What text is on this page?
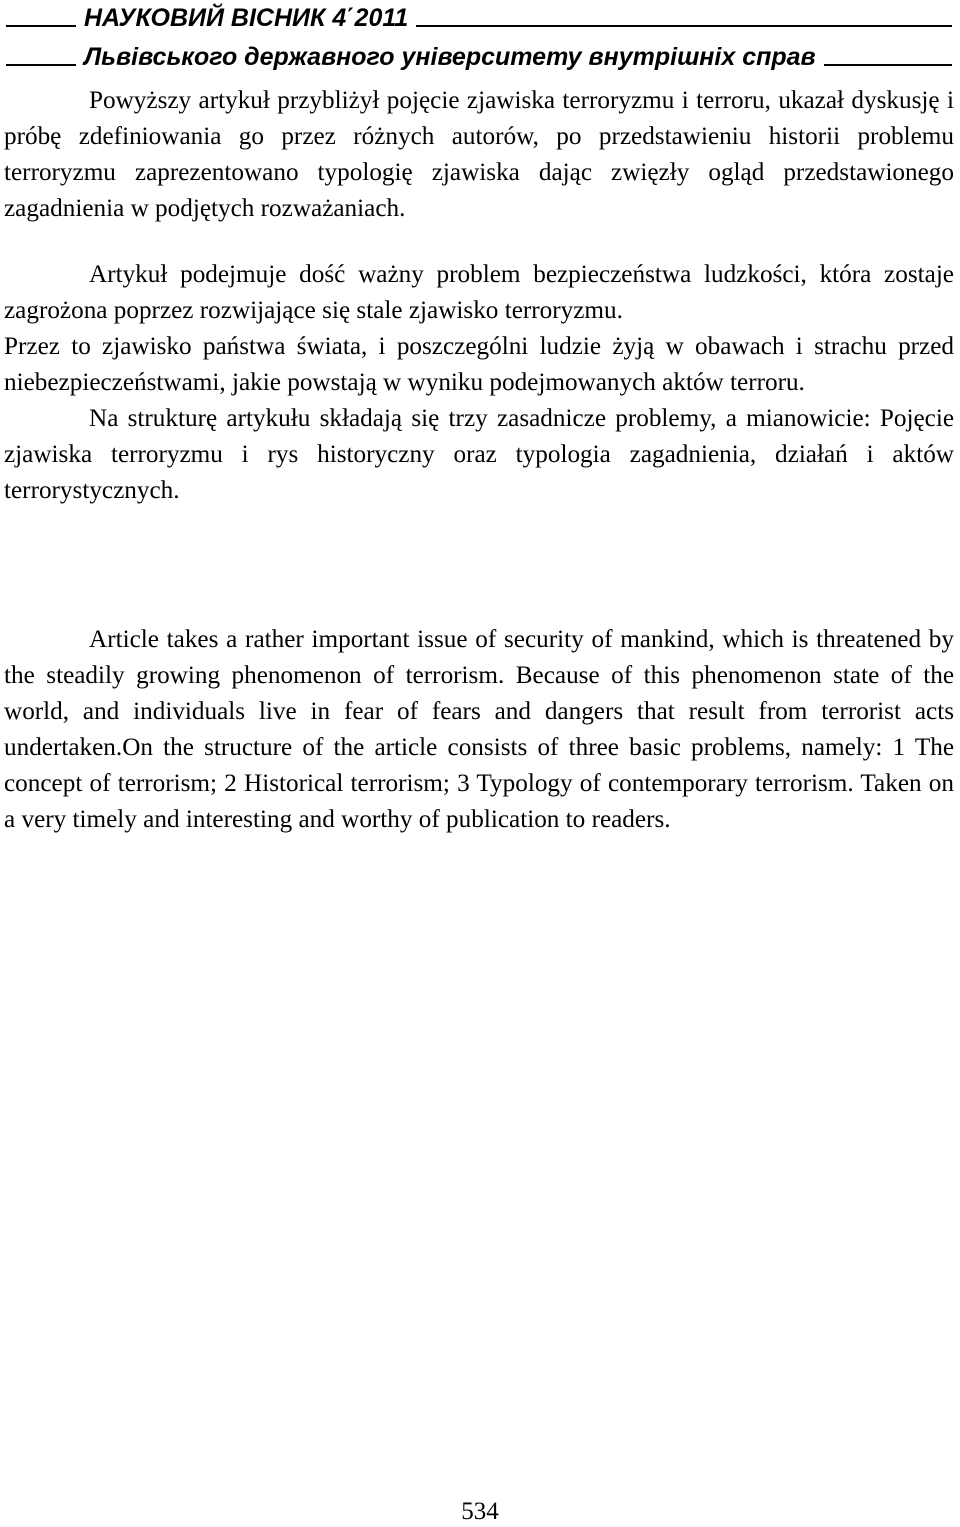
НАУКОВИЙ ВІСНИК 4΄2011
Львівського державного університету внутрішніх справ

Powyższy artykuł przybliżył pojęcie zjawiska terroryzmu i terroru, ukazał dyskusję i próbę zdefiniowania go przez różnych autorów, po przedstawieniu historii problemu terroryzmu zaprezentowano typologię zjawiska dając zwięzły ogląd przedstawionego zagadnienia w podjętych rozważaniach.

Artykuł podejmuje dość ważny problem bezpieczeństwa ludzkości, która zostaje zagrożona poprzez rozwijające się stale zjawisko terroryzmu.

Przez to zjawisko państwa świata, i poszczególni ludzie żyją w obawach i strachu przed niebezpieczeństwami, jakie powstają w wyniku podejmowanych aktów terroru.

Na strukturę artykułu składają się trzy zasadnicze problemy, a mianowicie: Pojęcie zjawiska terroryzmu i rys historyczny oraz typologia zagadnienia, działań i aktów terrorystycznych.

Article takes a rather important issue of security of mankind, which is threatened by the steadily growing phenomenon of terrorism. Because of this phenomenon state of the world, and individuals live in fear of fears and dangers that result from terrorist acts undertaken.On the structure of the article consists of three basic problems, namely: 1 The concept of terrorism; 2 Historical terrorism; 3 Typology of contemporary terrorism. Taken on a very timely and interesting and worthy of publication to readers.

534
